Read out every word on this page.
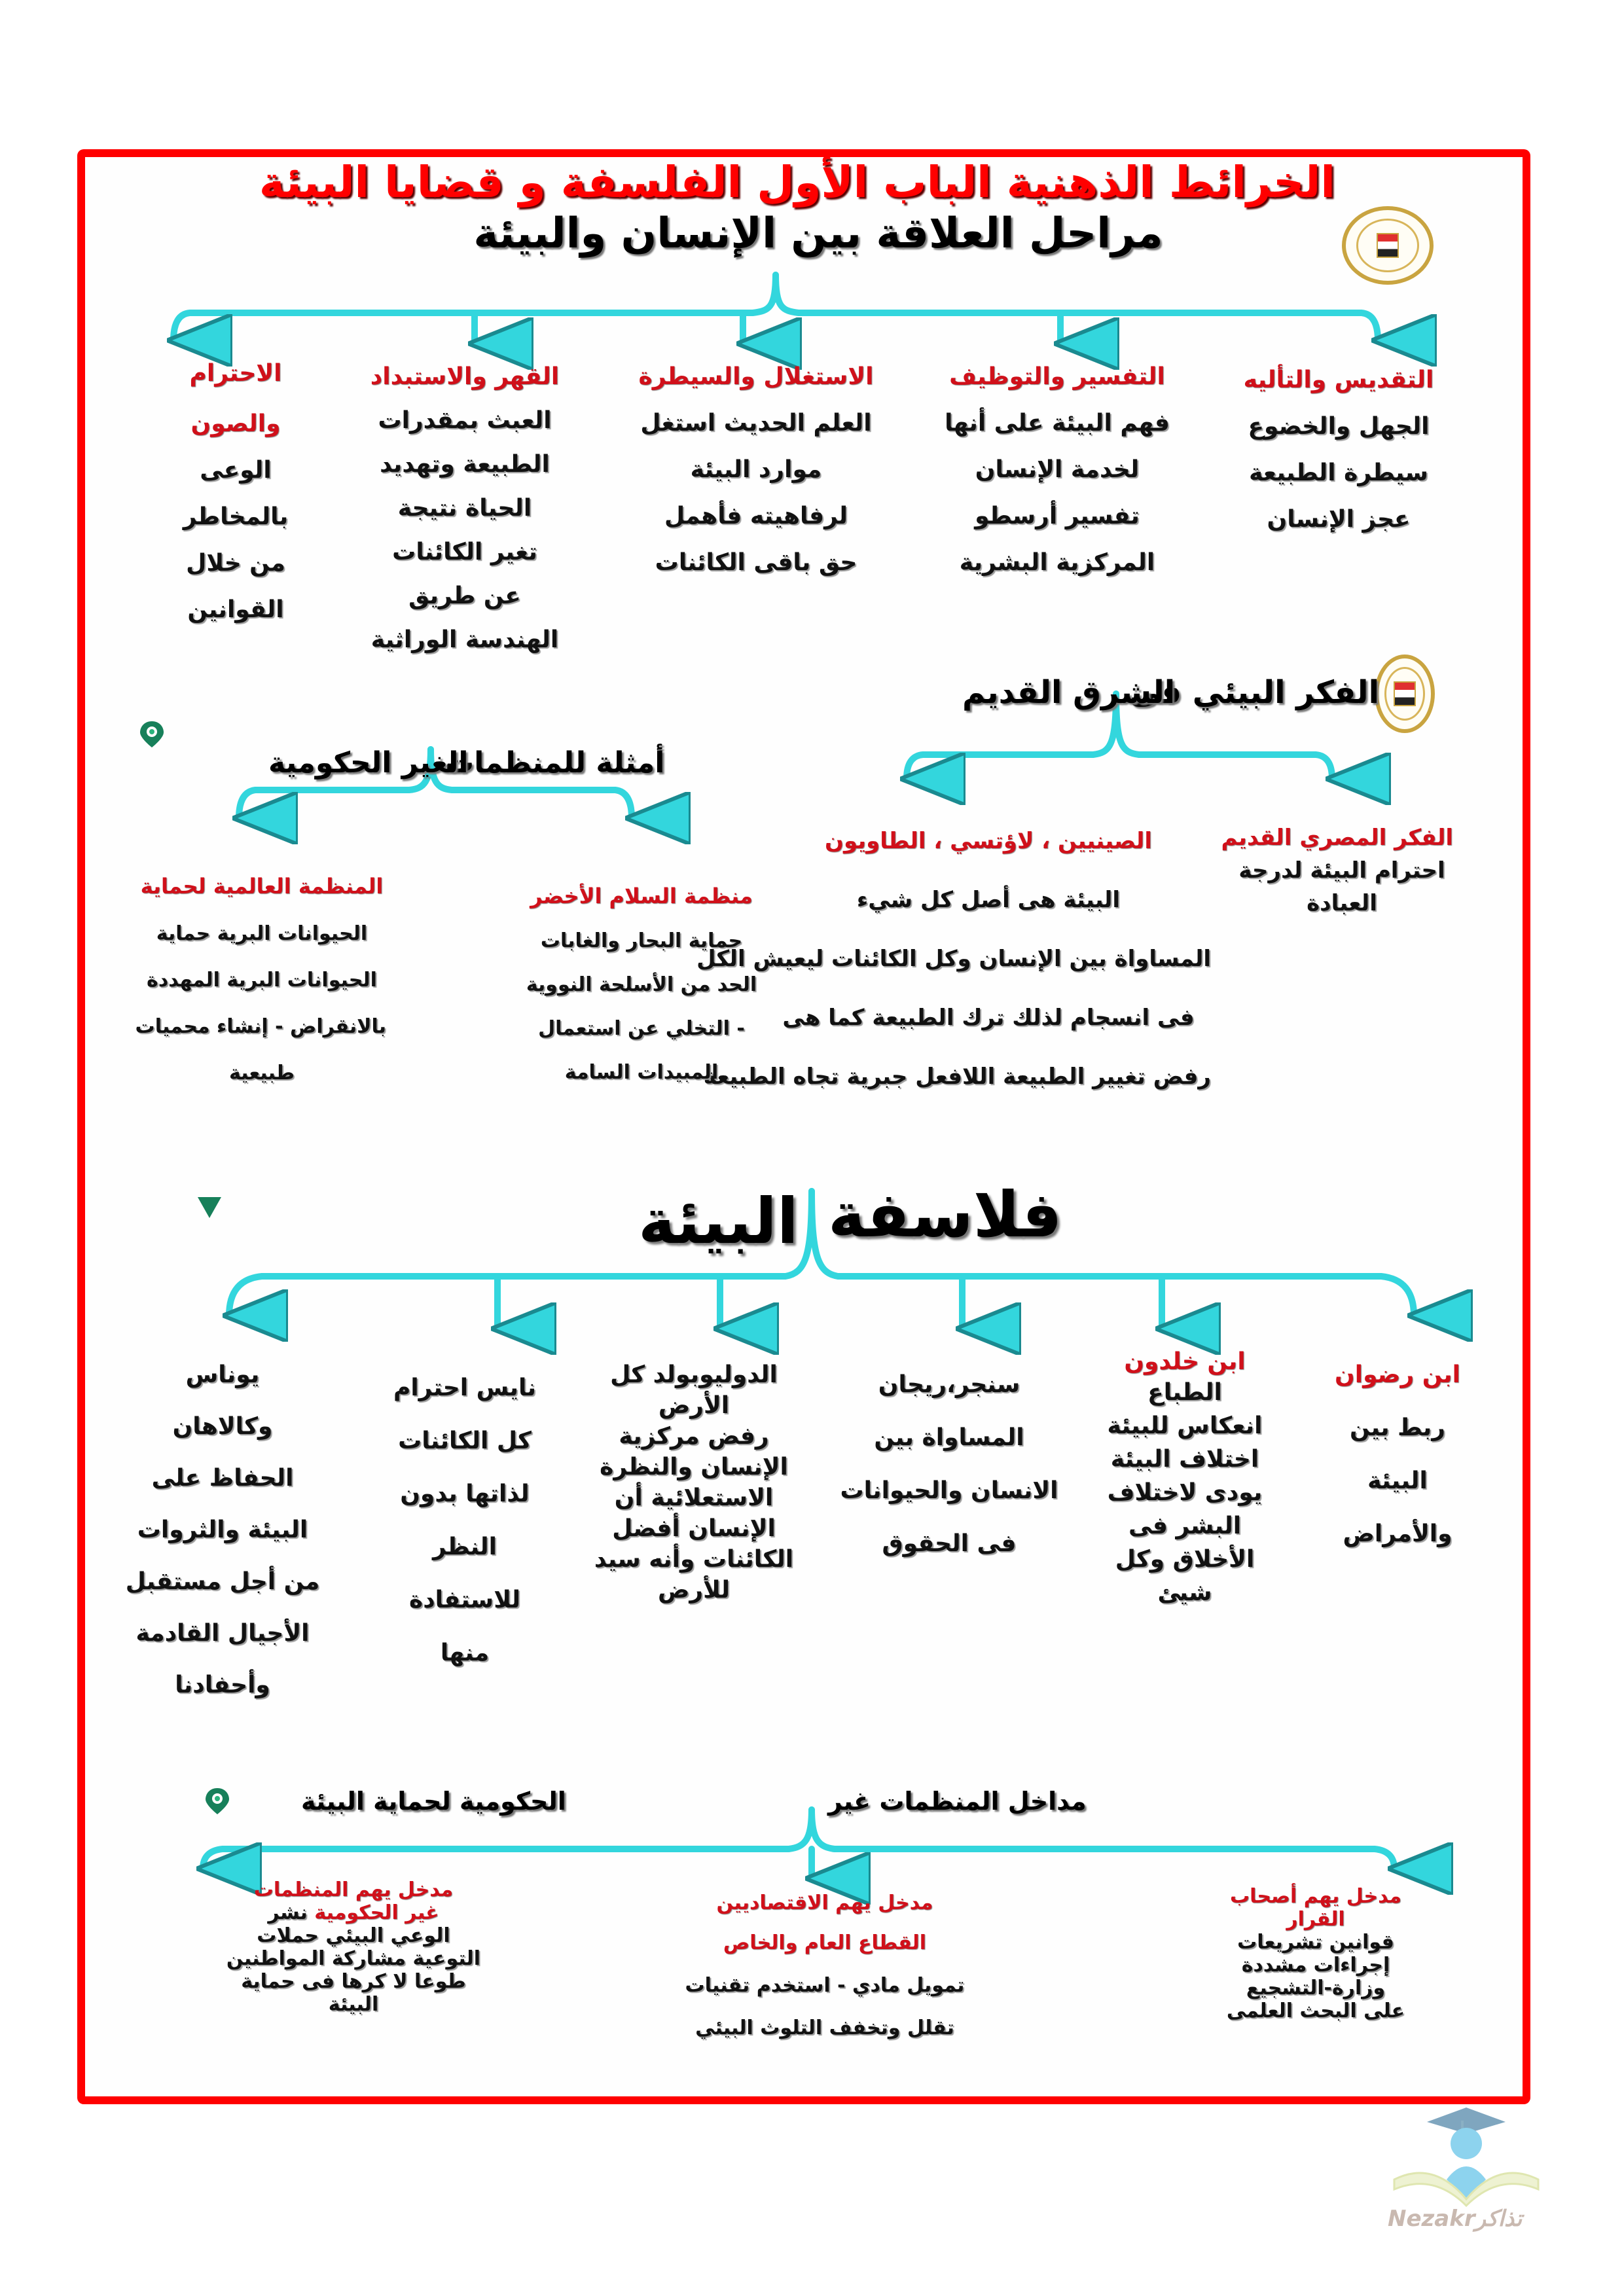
الخرائط الذهنية الباب الأول الفلسفة و قضايا البيئة
مراحل العلاقة بين الإنسان والبيئة
التقديس والتأليه
الجهل والخضوع
سيطرة الطبيعة
عجز الإنسان
التفسير والتوظيف
فهم البيئة على أنها
لخدمة الإنسان
تفسير أرسطو
المركزية البشرية
الاستغلال والسيطرة
العلم الحديث استغل
موارد البيئة
لرفاهيته فأهمل
حق باقى الكائنات
القهر والاستبداد
العبث بمقدرات
الطبيعة وتهديد
الحياة نتيجة
تغير الكائنات
عن طريق
الهندسة الوراثية
الاحترام
والصون
الوعى
بالمخاطر
من خلال
القوانين
الفكر البيئي فى
الشرق القديم
الفكر المصري القديم
احترام البيئة لدرجة
العبادة
الصينيين ، لاؤتسي ، الطاويون
البيئة هى أصل كل شيء
المساواة بين الإنسان وكل الكائنات ليعيش الكل
فى انسجام لذلك ترك الطبيعة كما هى
رفض تغيير الطبيعة اللافعل جبرية تجاه الطبيعة
أمثلة للمنظمات
الغير الحكومية
منظمة السلام الأخضر
حماية البحار والغابات
الحد من الأسلحة النووية
- التخلي عن استعمال
المبيدات السامة
المنظمة العالمية لحماية
الحيوانات البرية حماية
الحيوانات البرية المهددة
بالانقراض - إنشاء محميات
طبيعية
فلاسفة
البيئة
ابن رضوان
ربط بين
البيئة
والأمراض
ابن خلدون
الطباع
انعكاس للبيئة
اختلاف البيئة
يودى لاختلاف
البشر فى
الأخلاق وكل
شيئ
سنجر،ريجان
المساواة بين
الانسان والحيوانات
فى الحقوق
الدوليوبولد كل
الأرض
رفض مركزية
الإنسان والنظرة
الاستعلائية أن
الإنسان أفضل
الكائنات وأنه سيد
للأرض
نايس احترام
كل الكائنات
لذاتها بدون
النظر
للاستفادة
منها
يوناس
وكالاهان
الحفاظ على
البيئة والثروات
من أجل مستقبل
الأجيال القادمة
وأحفادنا
مداخل المنظمات غير
الحكومية لحماية البيئة
مدخل يهم أصحاب
القرار
قوانين تشريعات
إجراءات مشددة
وزارة-التشجيع
على البحث العلمى
مدخل يهم الاقتصاديين
القطاع العام والخاص
تمويل مادي - استخدم تقنيات
تقلل وتخفف التلوث البيئي
مدخل يهم المنظمات
غير الحكومية نشر
الوعي البيئي حملات
التوعية مشاركة المواطنين
طوعا لا كرها فى حماية
البيئة
Nezakrتذاكر
